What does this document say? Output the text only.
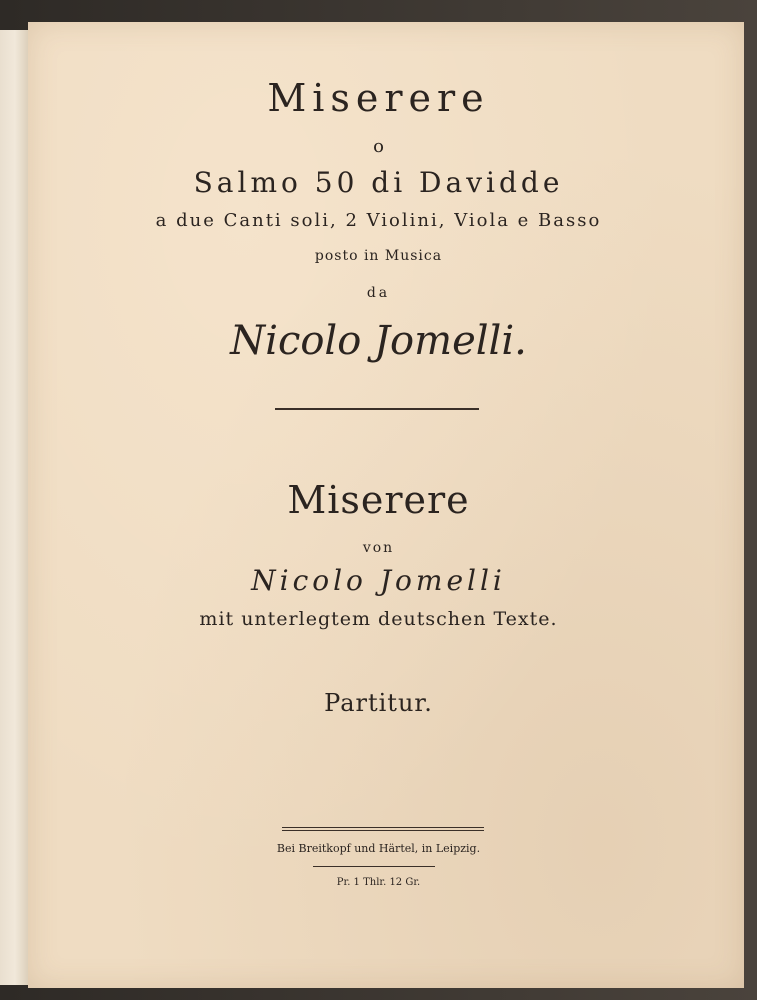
Miserere
o
Salmo 50 di Davidde
a due Canti soli, 2 Violini, Viola e Basso
posto in Musica
da
Nicolo Jomelli.
Miserere
von
Nicolo Jomelli
mit unterlegtem deutschen Texte.
Partitur.
Bei Breitkopf und Härtel, in Leipzig.
Pr. 1 Thlr. 12 Gr.
